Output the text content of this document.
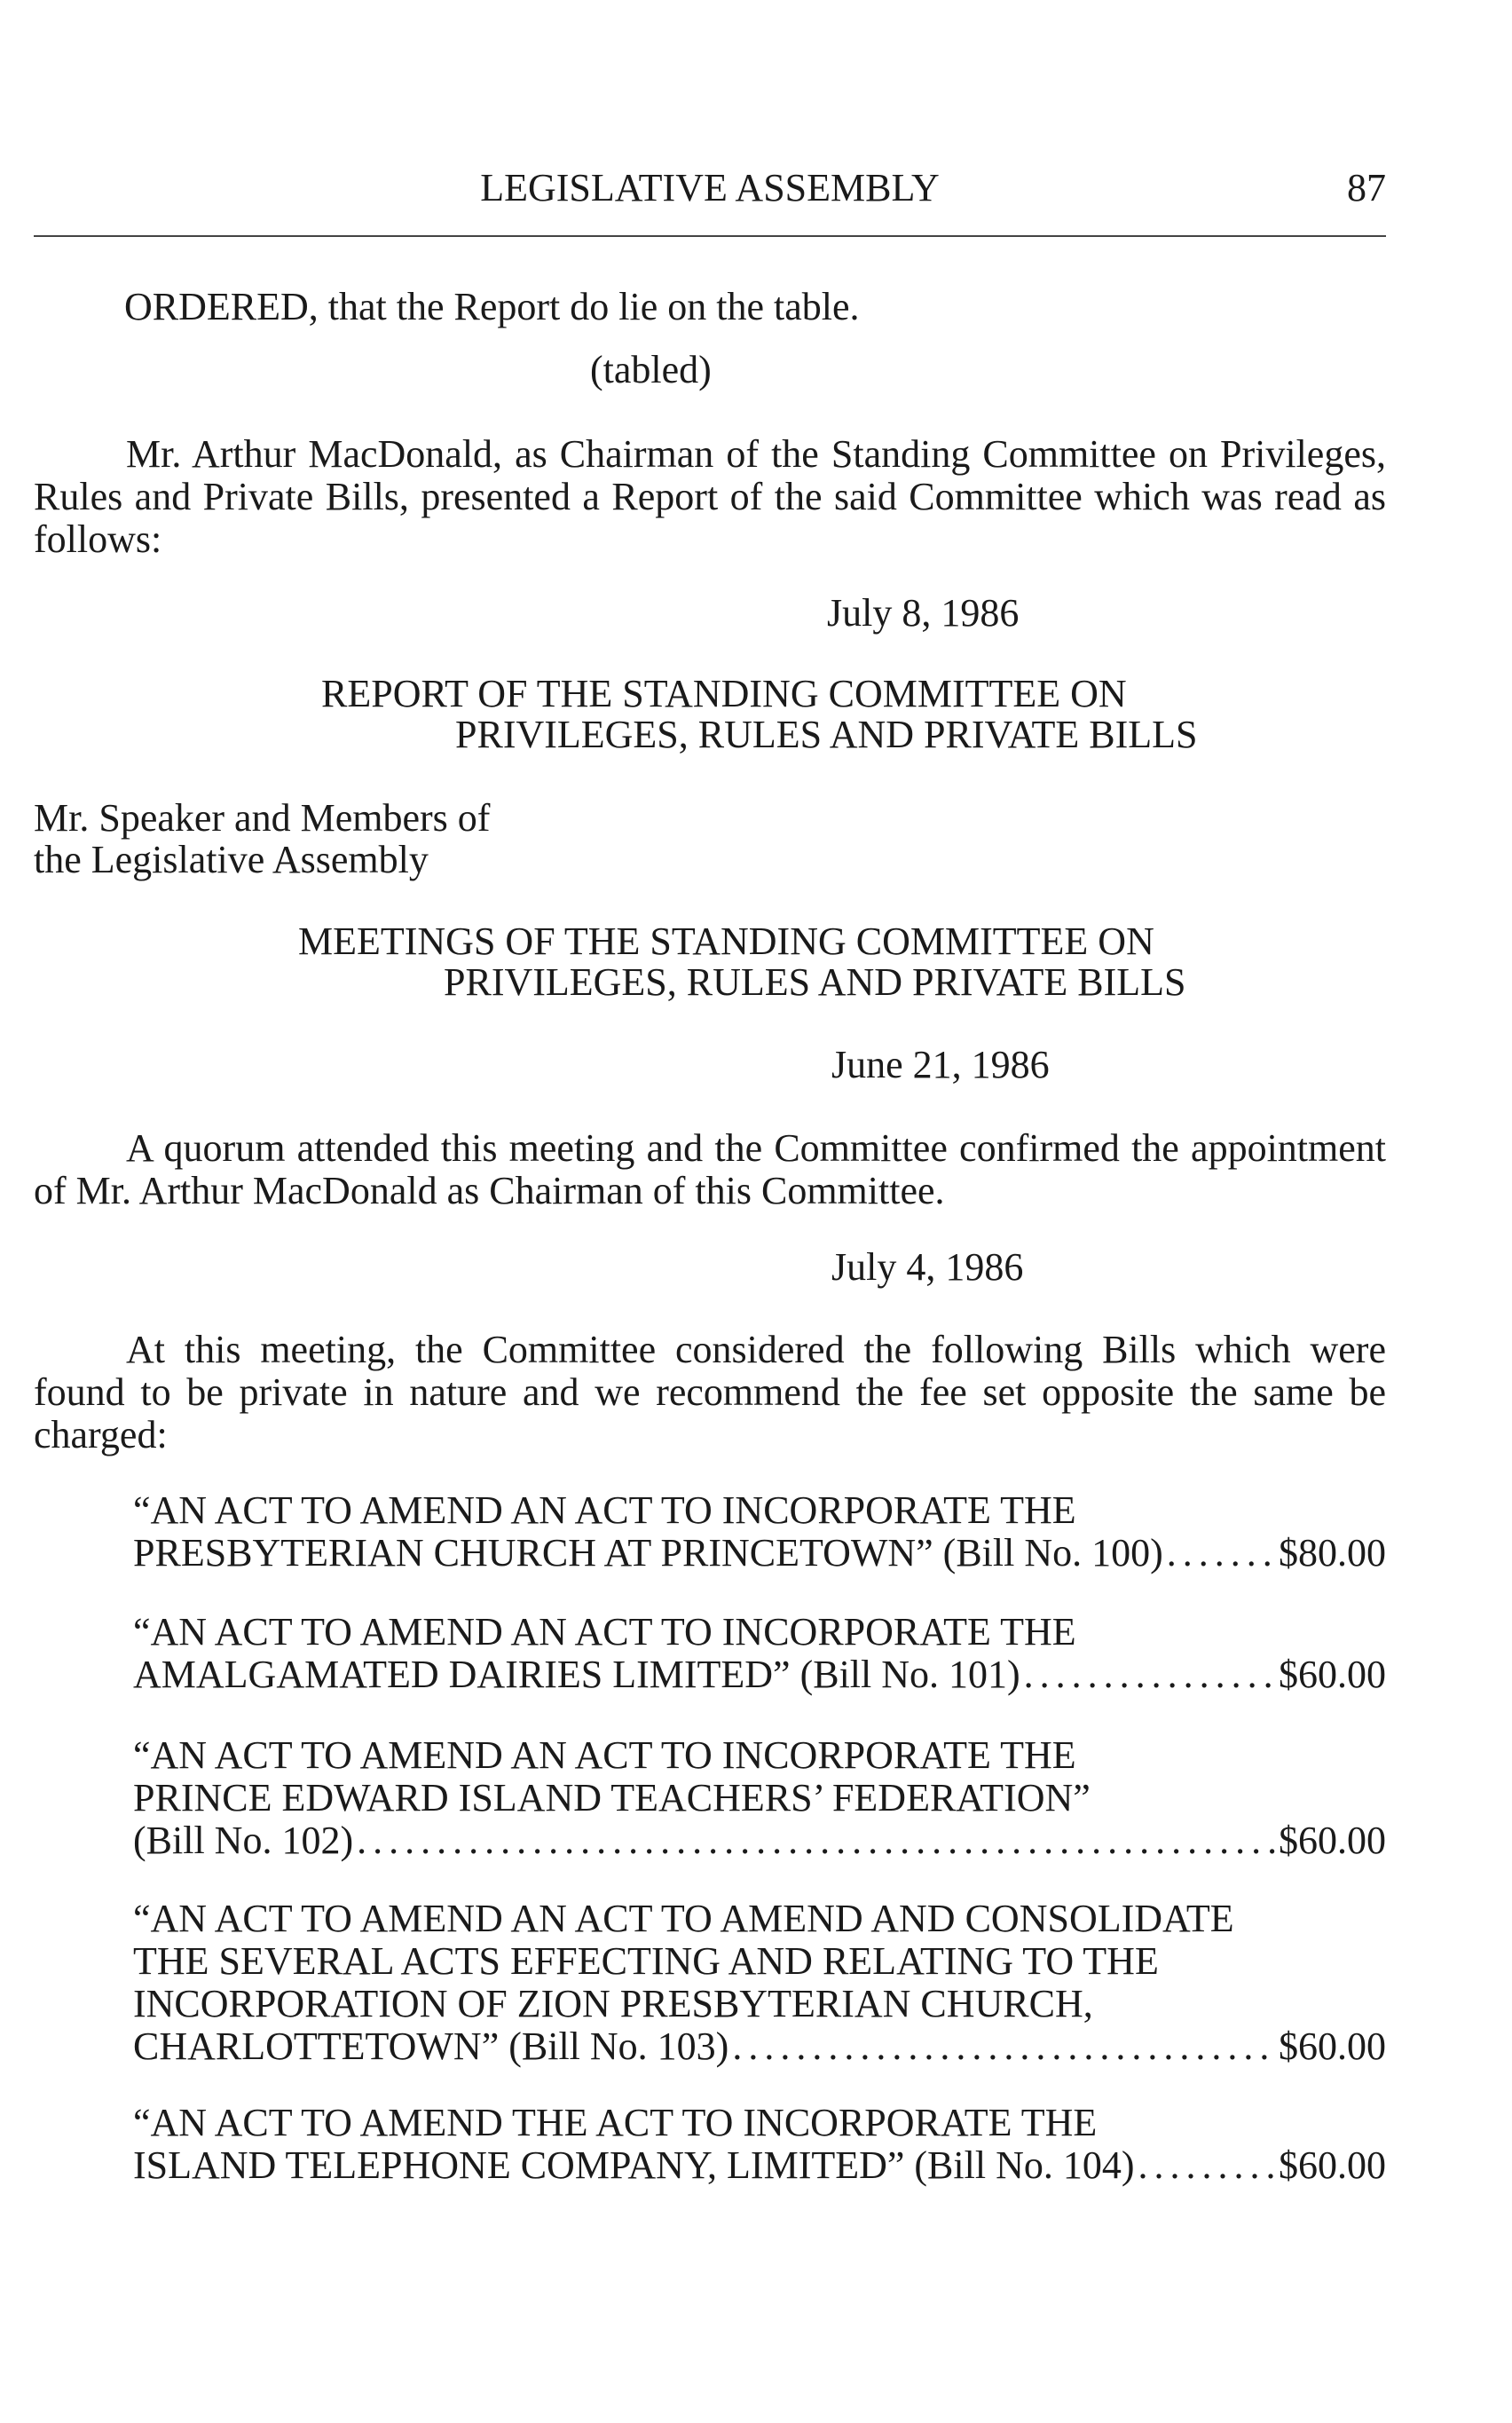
LEGISLATIVE ASSEMBLY	87
ORDERED, that the Report do lie on the table.
(tabled)
Mr. Arthur MacDonald, as Chairman of the Standing Committee on Privileges, Rules and Private Bills, presented a Report of the said Committee which was read as follows:
July 8, 1986
REPORT OF THE STANDING COMMITTEE ON
PRIVILEGES, RULES AND PRIVATE BILLS
Mr. Speaker and Members of
the Legislative Assembly
MEETINGS OF THE STANDING COMMITTEE ON
PRIVILEGES, RULES AND PRIVATE BILLS
June 21, 1986
A quorum attended this meeting and the Committee confirmed the appointment of Mr. Arthur MacDonald as Chairman of this Committee.
July 4, 1986
At this meeting, the Committee considered the following Bills which were found to be private in nature and we recommend the fee set opposite the same be charged:
“AN ACT TO AMEND AN ACT TO INCORPORATE THE
PRESBYTERIAN CHURCH AT PRINCETOWN” (Bill No. 100) . . .	$80.00
“AN ACT TO AMEND AN ACT TO INCORPORATE THE
AMALGAMATED DAIRIES LIMITED” (Bill No. 101) . . .	$60.00
“AN ACT TO AMEND AN ACT TO INCORPORATE THE
PRINCE EDWARD ISLAND TEACHERS’ FEDERATION”
(Bill No. 102) . . .	$60.00
“AN ACT TO AMEND AN ACT TO AMEND AND CONSOLIDATE
THE SEVERAL ACTS EFFECTING AND RELATING TO THE
INCORPORATION OF ZION PRESBYTERIAN CHURCH,
CHARLOTTETOWN” (Bill No. 103) . . .	$60.00
“AN ACT TO AMEND THE ACT TO INCORPORATE THE
ISLAND TELEPHONE COMPANY, LIMITED” (Bill No. 104) . . .	$60.00
